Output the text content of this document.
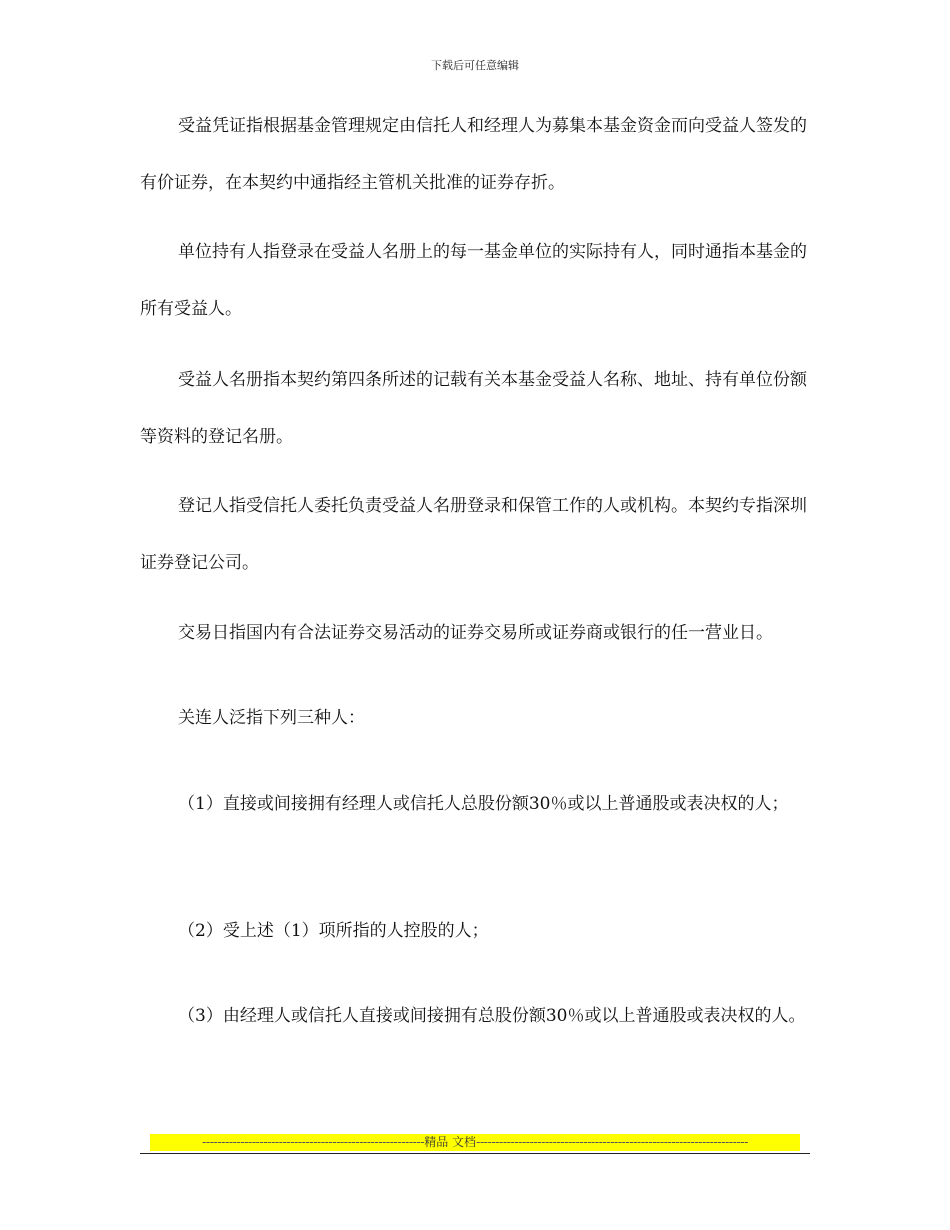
下载后可任意编辑

受益凭证指根据基金管理规定由信托人和经理人为募集本基金资金而向受益人签发的有价证券，在本契约中通指经主管机关批准的证券存折。

单位持有人指登录在受益人名册上的每一基金单位的实际持有人，同时通指本基金的所有受益人。

受益人名册指本契约第四条所述的记载有关本基金受益人名称、地址、持有单位份额等资料的登记名册。

登记人指受信托人委托负责受益人名册登录和保管工作的人或机构。本契约专指深圳证券登记公司。

交易日指国内有合法证券交易活动的证券交易所或证券商或银行的任一营业日。

关连人泛指下列三种人：

（1）直接或间接拥有经理人或信托人总股份额30％或以上普通股或表决权的人；

（2）受上述（1）项所指的人控股的人；

（3）由经理人或信托人直接或间接拥有总股份额30％或以上普通股或表决权的人。

----------------------------------------------------------精品 文档-----------------------------------------------------------------------
